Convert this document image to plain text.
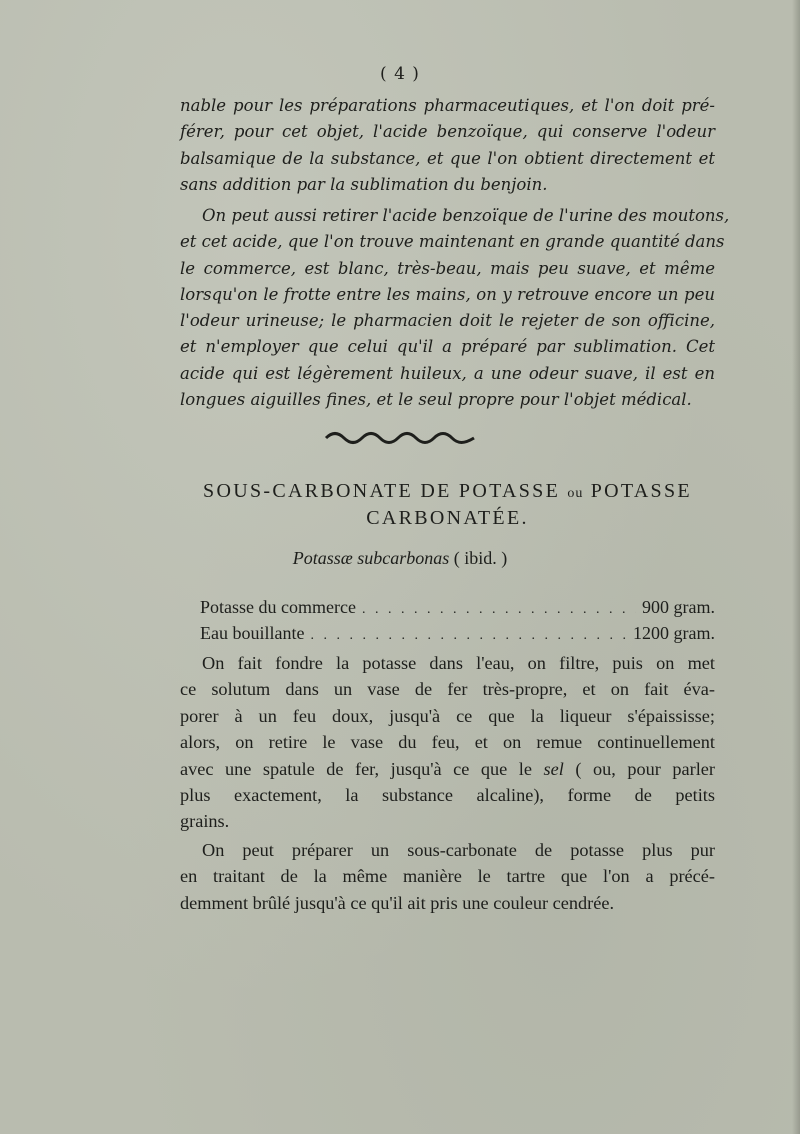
( 4 )

nable pour les préparations pharmaceutiques, et l'on doit pré-
férer, pour cet objet, l'acide benzoïque, qui conserve l'odeur
balsamique de la substance, et que l'on obtient directement et
sans addition par la sublimation du benjoin.

On peut aussi retirer l'acide benzoïque de l'urine des moutons,
et cet acide, que l'on trouve maintenant en grande quantité dans
le commerce, est blanc, très-beau, mais peu suave, et même
lorsqu'on le frotte entre les mains, on y retrouve encore un peu
l'odeur urineuse; le pharmacien doit le rejeter de son officine,
et n'employer que celui qu'il a préparé par sublimation. Cet
acide qui est légèrement huileux, a une odeur suave, il est en
longues aiguilles fines, et le seul propre pour l'objet médical.

SOUS-CARBONATE DE POTASSE ou POTASSE
CARBONATÉE.

Potassæ subcarbonas ( ibid. )

Potasse du commerce . . .	900 gram.
Eau bouillante . . .	1200 gram.

On fait fondre la potasse dans l'eau, on filtre, puis on met
ce solutum dans un vase de fer très-propre, et on fait éva-
porer à un feu doux, jusqu'à ce que la liqueur s'épaississe;
alors, on retire le vase du feu, et on remue continuellement
avec une spatule de fer, jusqu'à ce que le sel ( ou, pour parler
plus exactement, la substance alcaline), forme de petits
grains.

On peut préparer un sous-carbonate de potasse plus pur
en traitant de la même manière le tartre que l'on a précé-
demment brûlé jusqu'à ce qu'il ait pris une couleur cendrée.
